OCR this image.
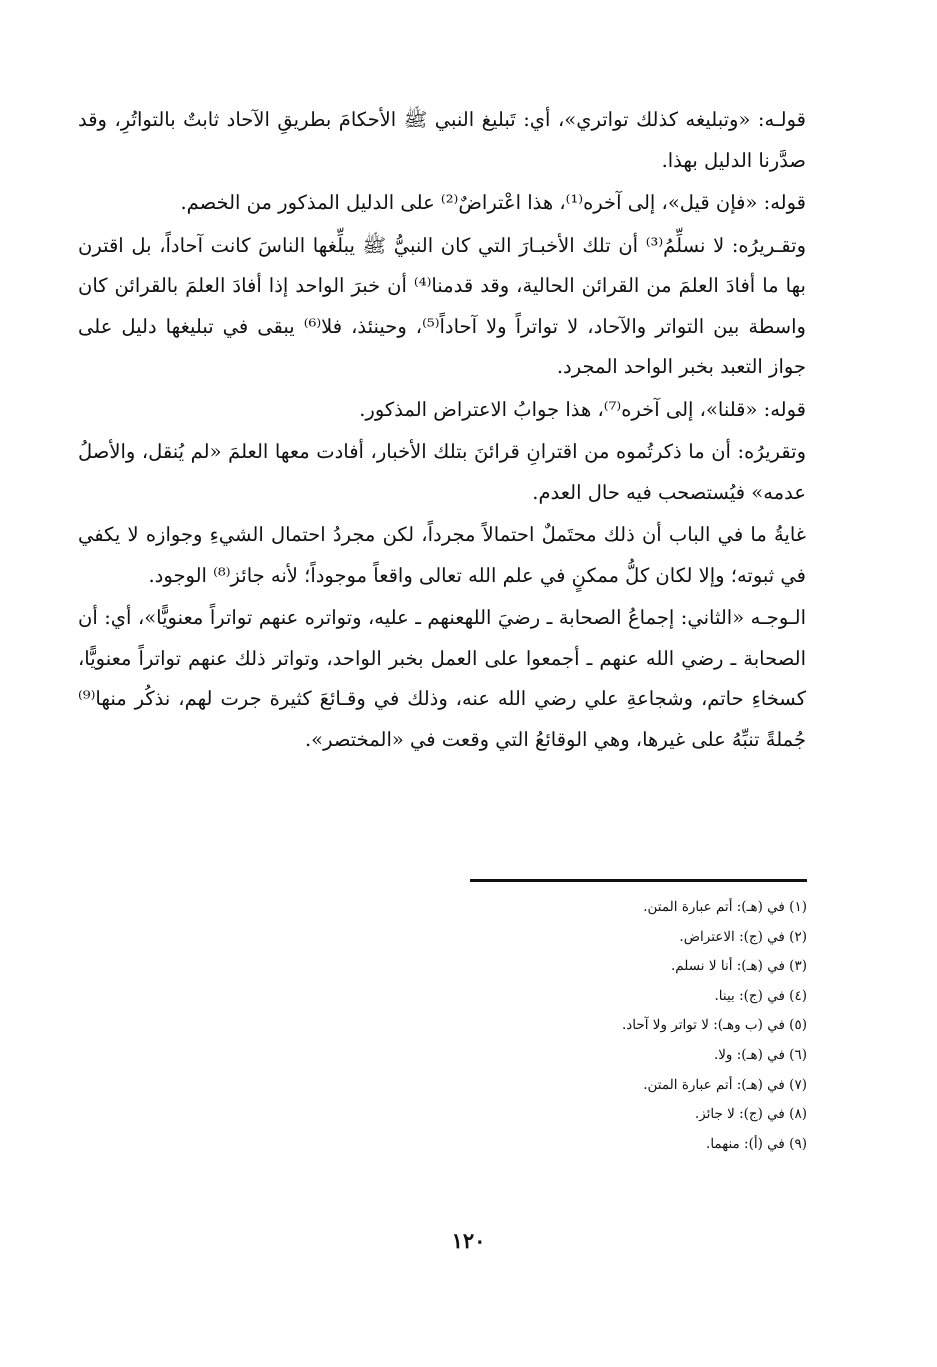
قولـه: «وتبليغه كذلك تواتري»، أي: تَبليغ النبي ﷺ الأحكامَ بطريقِ الآحاد ثابتٌ بالتواتُرِ، وقد صدَّرنا الدليل بهذا.

قوله: «فإن قيل»، إلى آخره⁽¹⁾، هذا اعْتراضٌ⁽²⁾ على الدليل المذكور من الخصم.

وتقـريرُه: لا نسلِّمُ⁽³⁾ أن تلك الأخبـارَ التي كان النبيُّ ﷺ يبلِّغها الناسَ كانت آحاداً، بل اقترن بها ما أفادَ العلمَ من القرائن الحالية، وقد قدمنا⁽⁴⁾ أن خبرَ الواحد إذا أفادَ العلمَ بالقرائن كان واسطة بين التواتر والآحاد، لا تواتراً ولا آحاداً⁽⁵⁾، وحينئذ، فلا⁽⁶⁾ يبقى في تبليغها دليل على جواز التعبد بخبر الواحد المجرد.

قوله: «قلنا»، إلى آخره⁽⁷⁾، هذا جوابُ الاعتراض المذكور.

وتقريرُه: أن ما ذكرتُموه من اقترانِ قرائنَ بتلك الأخبار، أفادت معها العلمَ «لم يُنقل، والأصلُ عدمه» فيُستصحب فيه حال العدم.

غايةُ ما في الباب أن ذلك محتَملٌ احتمالاً مجرداً، لكن مجردُ احتمال الشيءِ وجوازه لا يكفي في ثبوته؛ وإلا لكان كلُّ ممكنٍ في علم الله تعالى واقعاً موجوداً؛ لأنه جائز⁽⁸⁾ الوجود.

الـوجـه «الثاني: إجماعُ الصحابة ـ رضيَ اللهعنهم ـ عليه، وتواتره عنهم تواتراً معنويًّا»، أي: أن الصحابة ـ رضي الله عنهم ـ أجمعوا على العمل بخبر الواحد، وتواتر ذلك عنهم تواتراً معنويًّا، كسخاءِ حاتم، وشجاعةِ علي رضي الله عنه، وذلك في وقـائعَ كثيرة جرت لهم، نذكُر منها⁽⁹⁾ جُملةً تنبِّهُ على غيرها، وهي الوقائعُ التي وقعت في «المختصر».

(١) في (هـ): أتم عبارة المتن.
(٢) في (ج): الاعتراض.
(٣) في (هـ): أنا لا نسلم.
(٤) في (ج): بينا.
(٥) في (ب وهـ): لا تواتر ولا آحاد.
(٦) في (هـ): ولا.
(٧) في (هـ): أتم عبارة المتن.
(٨) في (ج): لا جائز.
(٩) في (أ): منهما.
١٢٠
